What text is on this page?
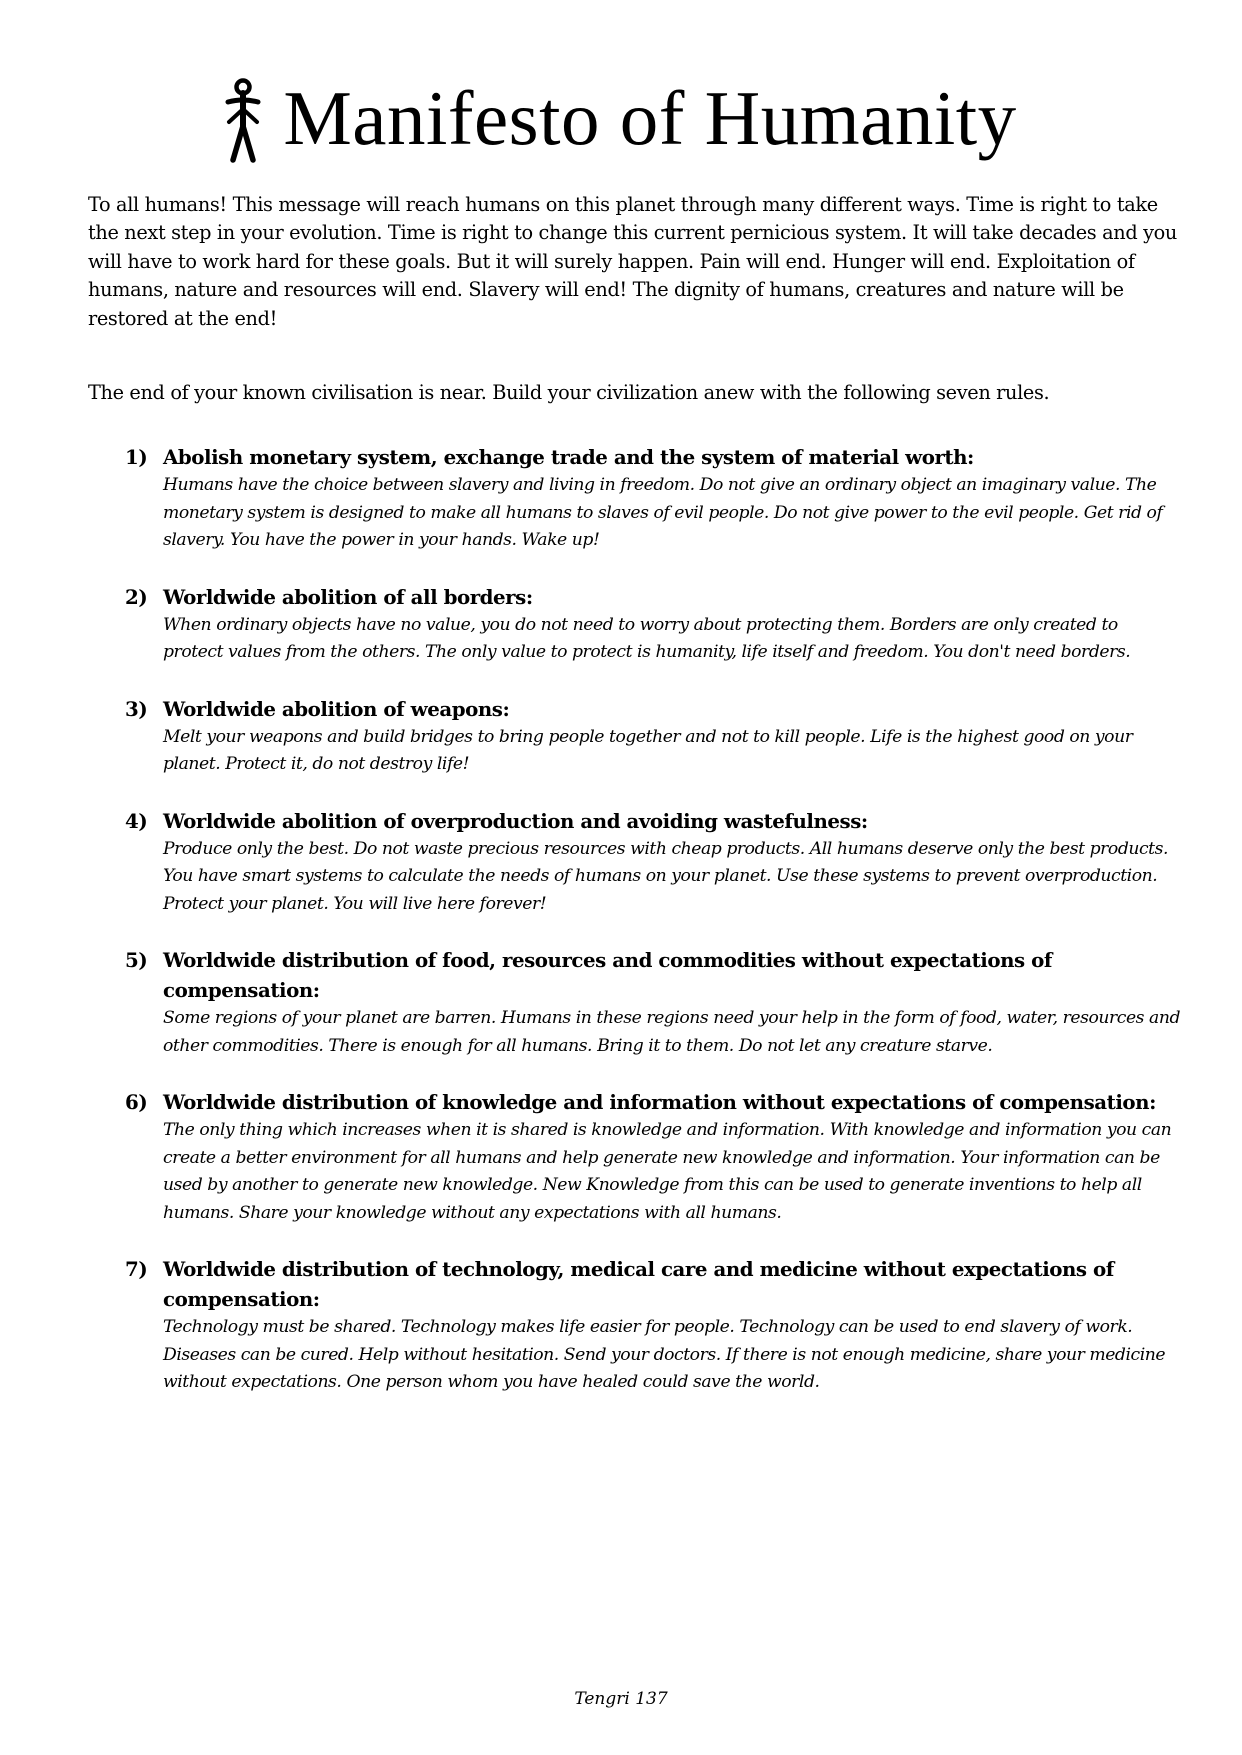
Manifesto of Humanity

To all humans! This message will reach humans on this planet through many different ways. Time is right to take the next step in your evolution. Time is right to change this current pernicious system. It will take decades and you will have to work hard for these goals. But it will surely happen. Pain will end. Hunger will end. Exploitation of humans, nature and resources will end. Slavery will end! The dignity of humans, creatures and nature will be restored at the end!

The end of your known civilisation is near. Build your civilization anew with the following seven rules.

1) Abolish monetary system, exchange trade and the system of material worth:

Humans have the choice between slavery and living in freedom. Do not give an ordinary object an imaginary value. The monetary system is designed to make all humans to slaves of evil people. Do not give power to the evil people. Get rid of slavery. You have the power in your hands. Wake up!

2) Worldwide abolition of all borders:

When ordinary objects have no value, you do not need to worry about protecting them. Borders are only created to protect values from the others. The only value to protect is humanity, life itself and freedom. You don't need borders.

3) Worldwide abolition of weapons:

Melt your weapons and build bridges to bring people together and not to kill people. Life is the highest good on your planet. Protect it, do not destroy life!

4) Worldwide abolition of overproduction and avoiding wastefulness:

Produce only the best. Do not waste precious resources with cheap products. All humans deserve only the best products. You have smart systems to calculate the needs of humans on your planet. Use these systems to prevent overproduction. Protect your planet. You will live here forever!

5) Worldwide distribution of food, resources and commodities without expectations of compensation:

Some regions of your planet are barren. Humans in these regions need your help in the form of food, water, resources and other commodities. There is enough for all humans. Bring it to them. Do not let any creature starve.

6) Worldwide distribution of knowledge and information without expectations of compensation:

The only thing which increases when it is shared is knowledge and information. With knowledge and information you can create a better environment for all humans and help generate new knowledge and information. Your information can be used by another to generate new knowledge. New Knowledge from this can be used to generate inventions to help all humans. Share your knowledge without any expectations with all humans.

7) Worldwide distribution of technology, medical care and medicine without expectations of compensation:

Technology must be shared. Technology makes life easier for people. Technology can be used to end slavery of work. Diseases can be cured. Help without hesitation. Send your doctors. If there is not enough medicine, share your medicine without expectations. One person whom you have healed could save the world.

Tengri 137
